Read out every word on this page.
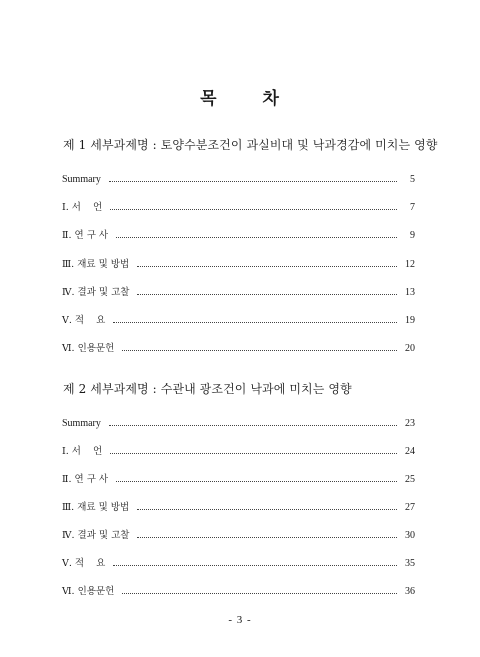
목 차
제 1 세부과제명 : 토양수분조건이 과실비대 및 낙과경감에 미치는 영향
Summary	5
Ⅰ. 서    언	7
Ⅱ. 연 구 사	9
Ⅲ. 재료 및 방법	12
Ⅳ. 결과 및 고찰	13
Ⅴ. 적    요	19
Ⅵ. 인용문헌	20
제 2 세부과제명 : 수관내 광조건이 낙과에 미치는 영향
Summary	23
Ⅰ. 서    언	24
Ⅱ. 연 구 사	25
Ⅲ. 재료 및 방법	27
Ⅳ. 결과 및 고찰	30
Ⅴ. 적    요	35
Ⅵ. 인용문헌	36
- 3 -
